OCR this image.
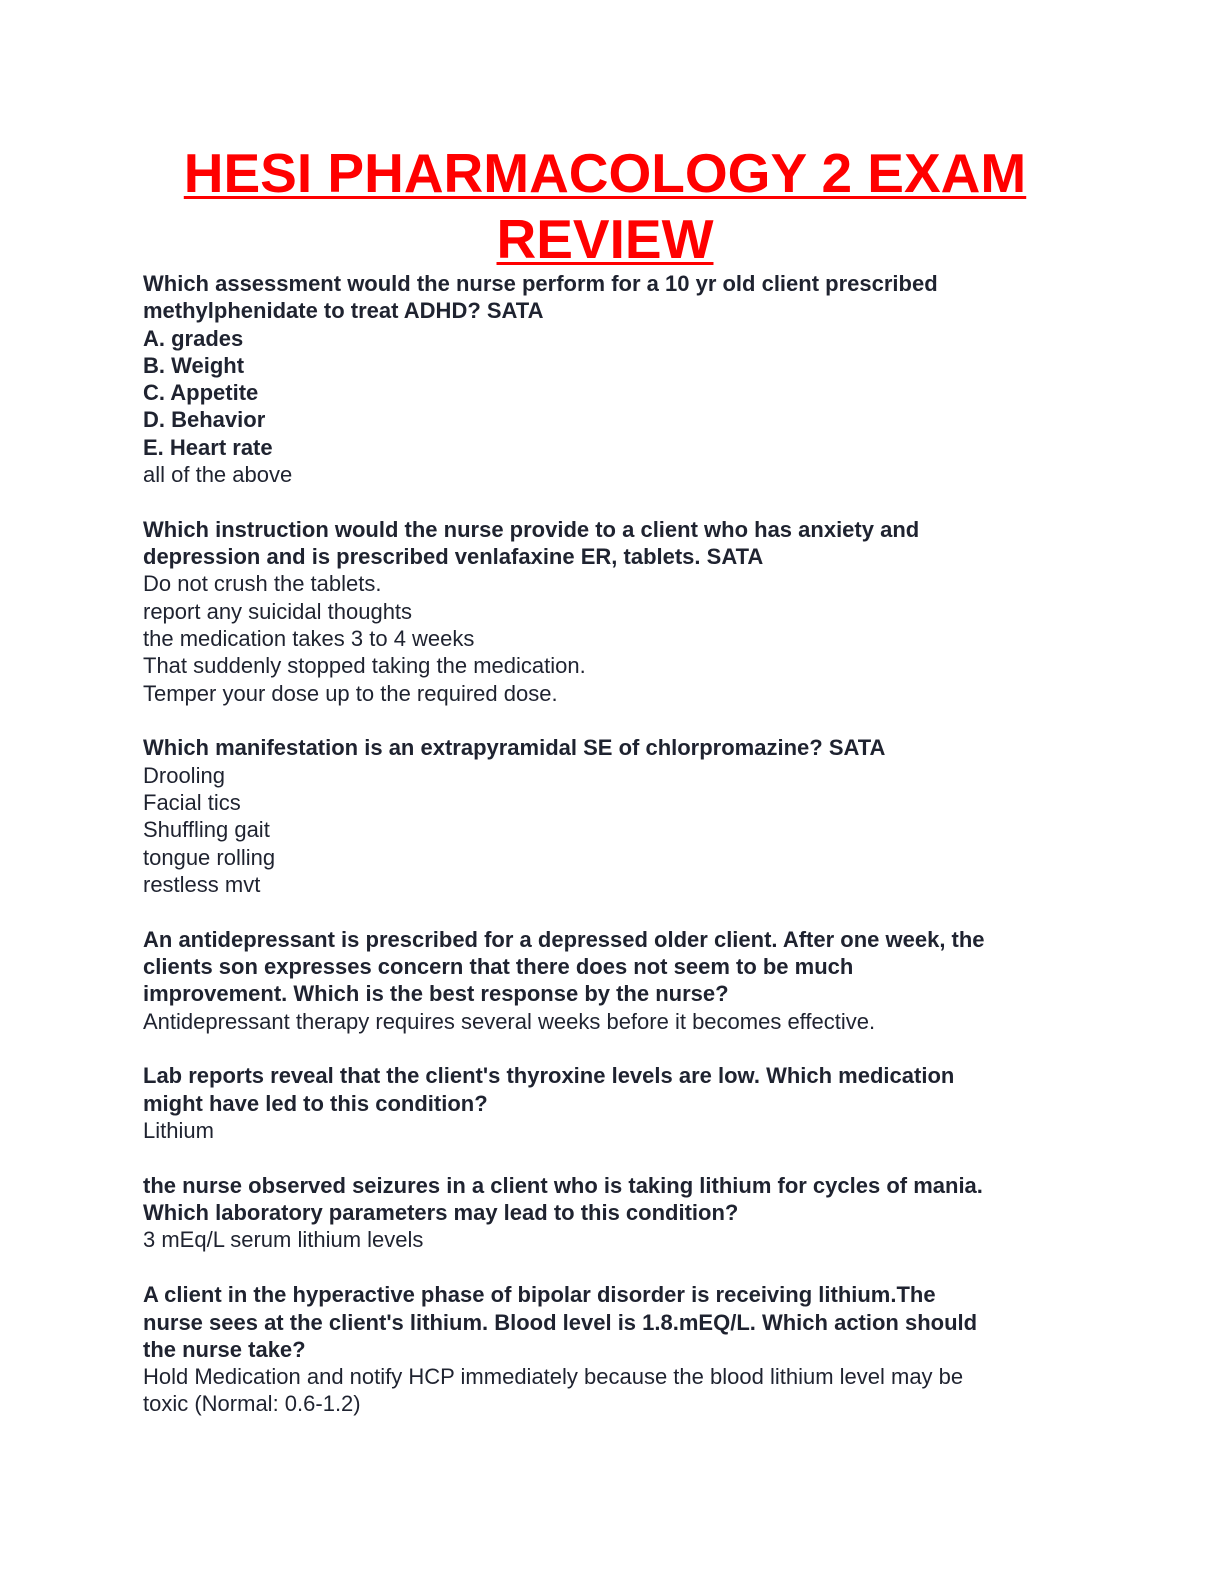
HESI PHARMACOLOGY 2 EXAM
REVIEW
Which assessment would the nurse perform for a 10 yr old client prescribed
methylphenidate to treat ADHD? SATA
A. grades
B. Weight
C. Appetite
D. Behavior
E. Heart rate
all of the above
Which instruction would the nurse provide to a client who has anxiety and
depression and is prescribed venlafaxine ER, tablets. SATA
Do not crush the tablets.
report any suicidal thoughts
the medication takes 3 to 4 weeks
That suddenly stopped taking the medication.
Temper your dose up to the required dose.
Which manifestation is an extrapyramidal SE of chlorpromazine? SATA
Drooling
Facial tics
Shuffling gait
tongue rolling
restless mvt
An antidepressant is prescribed for a depressed older client. After one week, the
clients son expresses concern that there does not seem to be much
improvement. Which is the best response by the nurse?
Antidepressant therapy requires several weeks before it becomes effective.
Lab reports reveal that the client's thyroxine levels are low. Which medication
might have led to this condition?
Lithium
the nurse observed seizures in a client who is taking lithium for cycles of mania.
Which laboratory parameters may lead to this condition?
3 mEq/L serum lithium levels
A client in the hyperactive phase of bipolar disorder is receiving lithium.The
nurse sees at the client's lithium. Blood level is 1.8.mEQ/L. Which action should
the nurse take?
Hold Medication and notify HCP immediately because the blood lithium level may be
toxic (Normal: 0.6-1.2)
